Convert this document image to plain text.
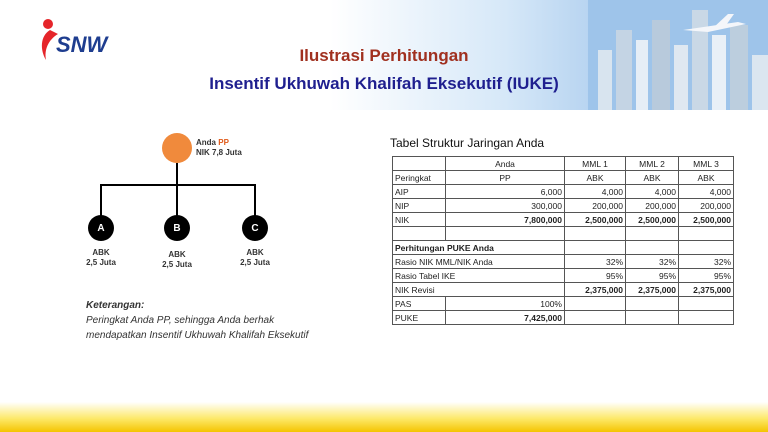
SNW	Ilustrasi Perhitungan
Insentif Ukhuwah Khalifah Eksekutif (IUKE)
Anda PP
NIK 7,8 Juta
A	B	C
ABK
2,5 Juta
ABK
2,5 Juta
ABK
2,5 Juta
Keterangan:
Peringkat Anda PP, sehingga Anda berhak mendapatkan Insentif Ukhuwah Khalifah Eksekutif
Tabel Struktur Jaringan Anda
	Anda	MML 1	MML 2	MML 3
Peringkat	PP	ABK	ABK	ABK
AIP	6,000	4,000	4,000	4,000
NIP	300,000	200,000	200,000	200,000
NIK	7,800,000	2,500,000	2,500,000	2,500,000

Perhitungan PUKE Anda				
Rasio NIK MML/NIK Anda		32%	32%	32%
Rasio Tabel IKE		95%	95%	95%
NIK Revisi		2,375,000	2,375,000	2,375,000
PAS	100%			
PUKE	7,425,000			
